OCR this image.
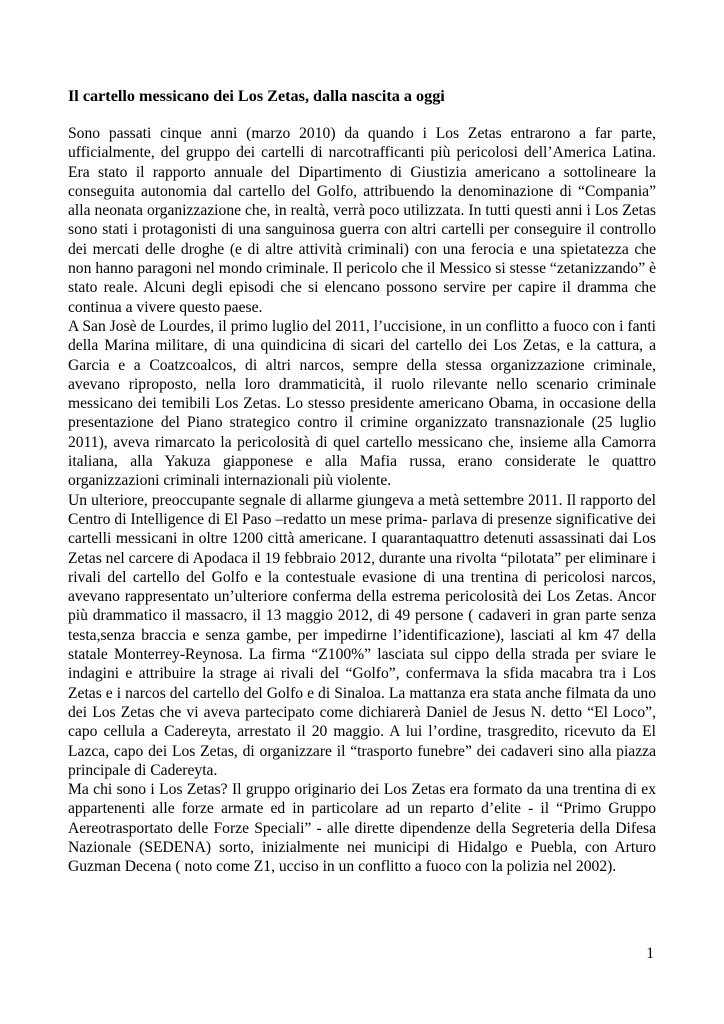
Il cartello messicano dei Los Zetas, dalla nascita a oggi

Sono passati cinque anni (marzo 2010) da quando i Los Zetas entrarono a far parte, ufficialmente, del gruppo dei cartelli di narcotrafficanti più pericolosi dell’America Latina. Era stato il rapporto annuale del Dipartimento di Giustizia americano a sottolineare la conseguita autonomia dal cartello del Golfo, attribuendo la denominazione di “Compania” alla neonata organizzazione che, in realtà, verrà poco utilizzata. In tutti questi anni i Los Zetas sono stati i protagonisti di una sanguinosa guerra con altri cartelli per conseguire il controllo dei mercati delle droghe (e di altre attività criminali) con una ferocia e una spietatezza che non hanno paragoni nel mondo criminale. Il pericolo che il Messico si stesse “zetanizzando” è stato reale. Alcuni degli episodi che si elencano possono servire per capire il dramma che continua a vivere questo paese.

A San Josè de Lourdes, il primo luglio del 2011, l’uccisione, in un conflitto a fuoco con i fanti della Marina militare, di una quindicina di sicari del cartello dei Los Zetas, e la cattura, a Garcia e a Coatzcoalcos, di altri narcos, sempre della stessa organizzazione criminale, avevano riproposto, nella loro drammaticità, il ruolo rilevante nello scenario criminale messicano dei temibili Los Zetas. Lo stesso presidente americano Obama, in occasione della presentazione del Piano strategico contro il crimine organizzato transnazionale (25 luglio 2011), aveva rimarcato la pericolosità di quel cartello messicano che, insieme alla Camorra italiana, alla Yakuza giapponese e alla Mafia russa, erano considerate le quattro organizzazioni criminali internazionali più violente.

Un ulteriore, preoccupante segnale di allarme giungeva a metà settembre 2011. Il rapporto del Centro di Intelligence di El Paso –redatto un mese prima- parlava di presenze significative dei cartelli messicani in oltre 1200 città americane. I quarantaquattro detenuti assassinati dai Los Zetas nel carcere di Apodaca il 19 febbraio 2012, durante una rivolta “pilotata” per eliminare i rivali del cartello del Golfo e la contestuale evasione di una trentina di pericolosi narcos, avevano rappresentato un’ulteriore conferma della estrema pericolosità dei Los Zetas. Ancor più drammatico il massacro, il 13 maggio 2012, di 49 persone ( cadaveri in gran parte senza testa,senza braccia e senza gambe, per impedirne l’identificazione), lasciati al km 47 della statale Monterrey-Reynosa. La firma “Z100%” lasciata sul cippo della strada per sviare le indagini e attribuire la strage ai rivali del “Golfo”, confermava la sfida macabra tra i Los Zetas e i narcos del cartello del Golfo e di Sinaloa. La mattanza era stata anche filmata da uno dei Los Zetas che vi aveva partecipato come dichiarerà Daniel de Jesus N. detto “El Loco”, capo cellula a Cadereyta, arrestato il 20 maggio. A lui l’ordine, trasgredito, ricevuto da El Lazca, capo dei Los Zetas, di organizzare il “trasporto funebre” dei cadaveri sino alla piazza principale di Cadereyta.

Ma chi sono i Los Zetas? Il gruppo originario dei Los Zetas era formato da una trentina di ex appartenenti alle forze armate ed in particolare ad un reparto d’elite - il “Primo Gruppo Aereotrasportato delle Forze Speciali” - alle dirette dipendenze della Segreteria della Difesa Nazionale (SEDENA) sorto, inizialmente nei municipi di Hidalgo e Puebla, con Arturo Guzman Decena ( noto come Z1, ucciso in un conflitto a fuoco con la polizia nel 2002).

1
